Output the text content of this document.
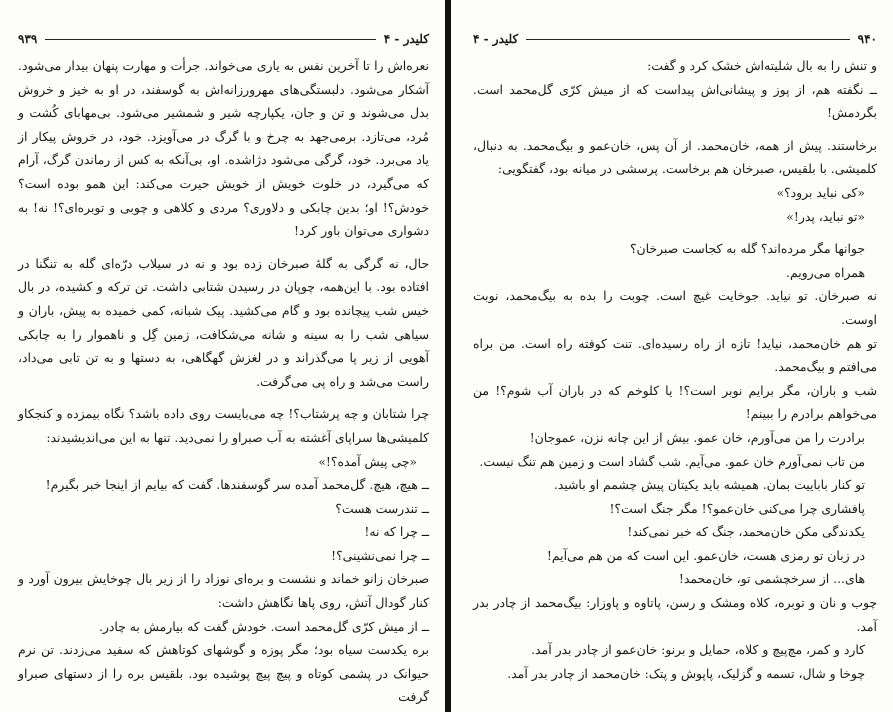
کلیدر - ۴
۹۳۹

نعره‌اش را تا آخرین نفس به یاری می‌خواند. جرأت و مهارت پنهان بیدار می‌شود. آشکار می‌شود. دلبستگی‌های مهرورزانه‌اش به گوسفند، در او به خیز و خروش بدل می‌شوند و تن و جان، یکپارچه شیر و شمشیر می‌شود. بی‌مهابای کُشت و مُرد، می‌تازد. برمی‌جهد به چرخ و با گرگ در می‌آویزد. خود، در خروش پیکار از یاد می‌برد. خود، گرگی می‌شود دژاشده. او، بی‌آنکه به کس از رماندن گرگ، آرام که می‌گیرد، در خلوت خویش از خویش حیرت می‌کند: این همو بوده است؟ خودش؟! او؛ بدین چابکی و دلاوری؟ مردی و کلاهی و چوبی و توبره‌ای؟! نه! به دشواری می‌توان باور کرد!

حال، نه گرگی به گلهٔ صبرخان زده بود و نه در سیلاب درّه‌ای گله به تنگنا در افتاده بود. با این‌همه، چوپان در رسیدن شتابی داشت. تن ترکه و کشیده، در بال خیس شب پیچانده بود و گام می‌کشید. پیک شبانه، کمی خمیده به پیش، باران و سیاهی شب را به سینه و شانه می‌شکافت، زمین گِل و ناهموار را به چابکی آهویی از زیر پا می‌گذراند و در لغزش گهگاهی، به دستها و به تن تابی می‌داد، راست می‌شد و راه پی می‌گرفت.

چرا شتابان و چه پرشتاب؟! چه می‌بایست روی داده باشد؟ نگاه بیمزده و کنجکاو کلمیشی‌ها سراپای آغشته به آب صبراو را نمی‌دید. تنها به این می‌اندیشیدند:

«چی پیش آمده؟!»

ــ هیچ، هیچ. گل‌محمد آمده سر گوسفندها. گفت که بیایم از اینجا خبر بگیرم!

ــ تندرست هست؟

ــ چرا که نه!

ــ چرا نمی‌نشینی؟!

صبرخان زانو خماند و نشست و بره‌ای نوزاد را از زیر بال چوخایش بیرون آورد و کنار گودال آتش، روی پاها نگاهش داشت:

ــ از میش کرّی گل‌محمد است. خودش گفت که بیارمش به چادر.

بره یکدست سیاه بود؛ مگر پوزه و گوشهای کوتاهش که سفید می‌زدند. تن نرم حیوانک در پشمی کوتاه و پیچ پیچ پوشیده بود. بلقیس بره را از دستهای صبراو گرفت

۹۴۰
کلیدر - ۴

و تنش را به بال شلیته‌اش خشک کرد و گفت:

ــ نگفته هم، از پوز و پیشانی‌اش پیداست که از میش کرّی گل‌محمد است. بگردمش!

برخاستند. پیش از همه، خان‌محمد. از آن پس، خان‌عمو و بیگ‌محمد. به دنبال، کلمیشی. با بلقیس، صبرخان هم برخاست. پرسشی در میانه بود، گفتگویی:

«کی نباید برود؟»

«تو نباید، پدر!»

جوانها مگر مرده‌اند؟ گله به کجاست صبرخان؟

همراه می‌رویم.

نه صبرخان. تو نیاید. جوخایت غیچ است. چوبت را بده به بیگ‌محمد، نوبت اوست.

تو هم خان‌محمد، نیاید! تازه از راه رسیده‌ای. تنت کوفته راه است. من براه می‌افتم و بیگ‌محمد.

شب و باران، مگر برایم نوبر است؟! یا کلوخم که در باران آب شوم؟! من می‌خواهم برادرم را ببینم!

برادرت را من می‌آورم، خان عمو. بیش از این چانه نزن، عموجان!

من تاب نمی‌آورم خان عمو. می‌آیم. شب گشاد است و زمین هم تنگ نیست.

تو کنار باباییت بمان. همیشه باید یکیتان پیش چشمم او باشید.

پافشاری چرا می‌کنی خان‌عمو؟! مگر جنگ است؟!

یکدندگی مکن خان‌محمد، جنگ که خبر نمی‌کند!

در زبان تو رمزی هست، خان‌عمو. این است که من هم می‌آیم!

های... از سرخچشمی تو، خان‌محمد!

چوب و نان و توبره، کلاه ومشک و رسن، پاتاوه و پاوزار: بیگ‌محمد از چادر بدر آمد.

کارد و کمر، مچ‌پیچ و کلاه، حمایل و برنو: خان‌عمو از چادر بدر آمد.

چوخا و شال، تسمه و گزلیک، پاپوش و پتک: خان‌محمد از چادر بدر آمد.
